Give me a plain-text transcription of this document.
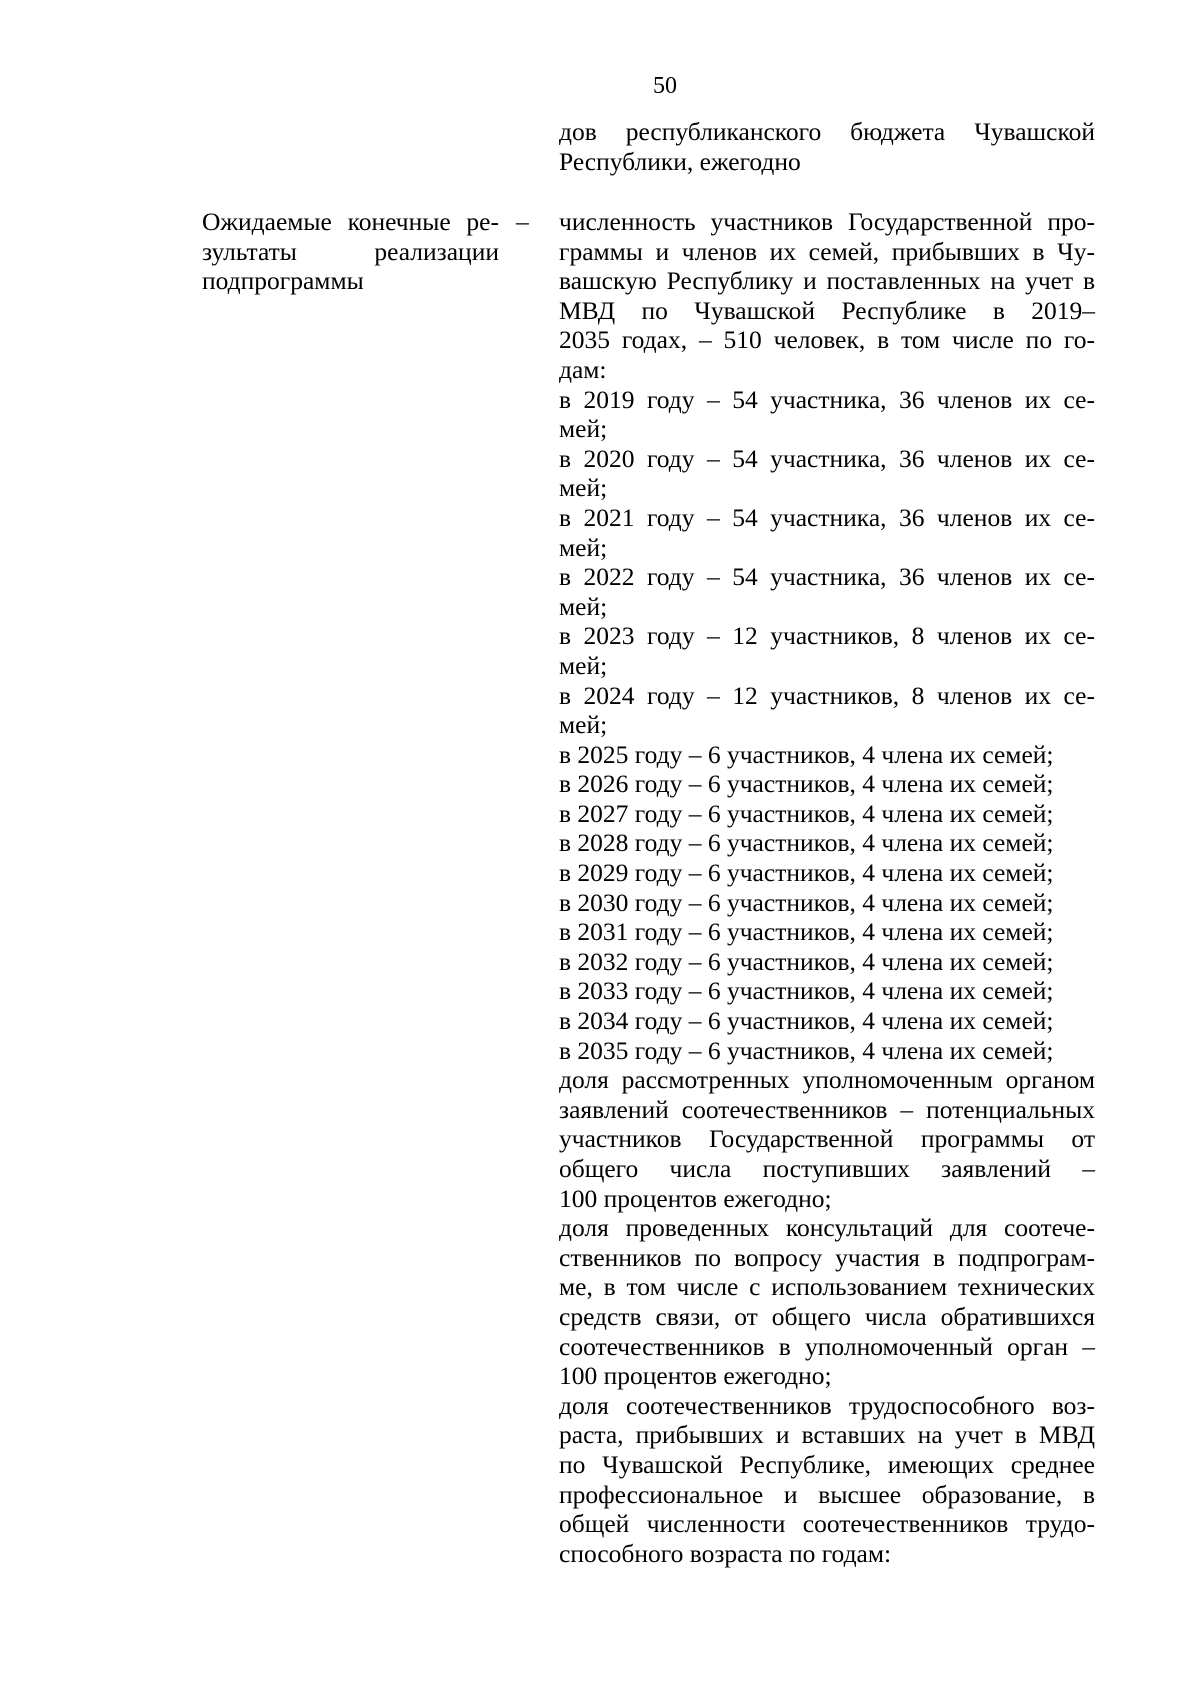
50
дов республиканского бюджета Чувашской
Республики, ежегодно
Ожидаемые конечные ре-
зультаты реализации
подпрограммы
– численность участников Государственной про-
граммы и членов их семей, прибывших в Чу-
вашскую Республику и поставленных на учет в
МВД по Чувашской Республике в 2019–
2035 годах, – 510 человек, в том числе по го-
дам:
в 2019 году – 54 участника, 36 членов их се-
мей;
в 2020 году – 54 участника, 36 членов их се-
мей;
в 2021 году – 54 участника, 36 членов их се-
мей;
в 2022 году – 54 участника, 36 членов их се-
мей;
в 2023 году – 12 участников, 8 членов их се-
мей;
в 2024 году – 12 участников, 8 членов их се-
мей;
в 2025 году – 6 участников, 4 члена их семей;
в 2026 году – 6 участников, 4 члена их семей;
в 2027 году – 6 участников, 4 члена их семей;
в 2028 году – 6 участников, 4 члена их семей;
в 2029 году – 6 участников, 4 члена их семей;
в 2030 году – 6 участников, 4 члена их семей;
в 2031 году – 6 участников, 4 члена их семей;
в 2032 году – 6 участников, 4 члена их семей;
в 2033 году – 6 участников, 4 члена их семей;
в 2034 году – 6 участников, 4 члена их семей;
в 2035 году – 6 участников, 4 члена их семей;
доля рассмотренных уполномоченным органом
заявлений соотечественников – потенциальных
участников Государственной программы от
общего числа поступивших заявлений –
100 процентов ежегодно;
доля проведенных консультаций для соотече-
ственников по вопросу участия в подпрограм-
ме, в том числе с использованием технических
средств связи, от общего числа обратившихся
соотечественников в уполномоченный орган –
100 процентов ежегодно;
доля соотечественников трудоспособного воз-
раста, прибывших и вставших на учет в МВД
по Чувашской Республике, имеющих среднее
профессиональное и высшее образование, в
общей численности соотечественников трудо-
способного возраста по годам:
